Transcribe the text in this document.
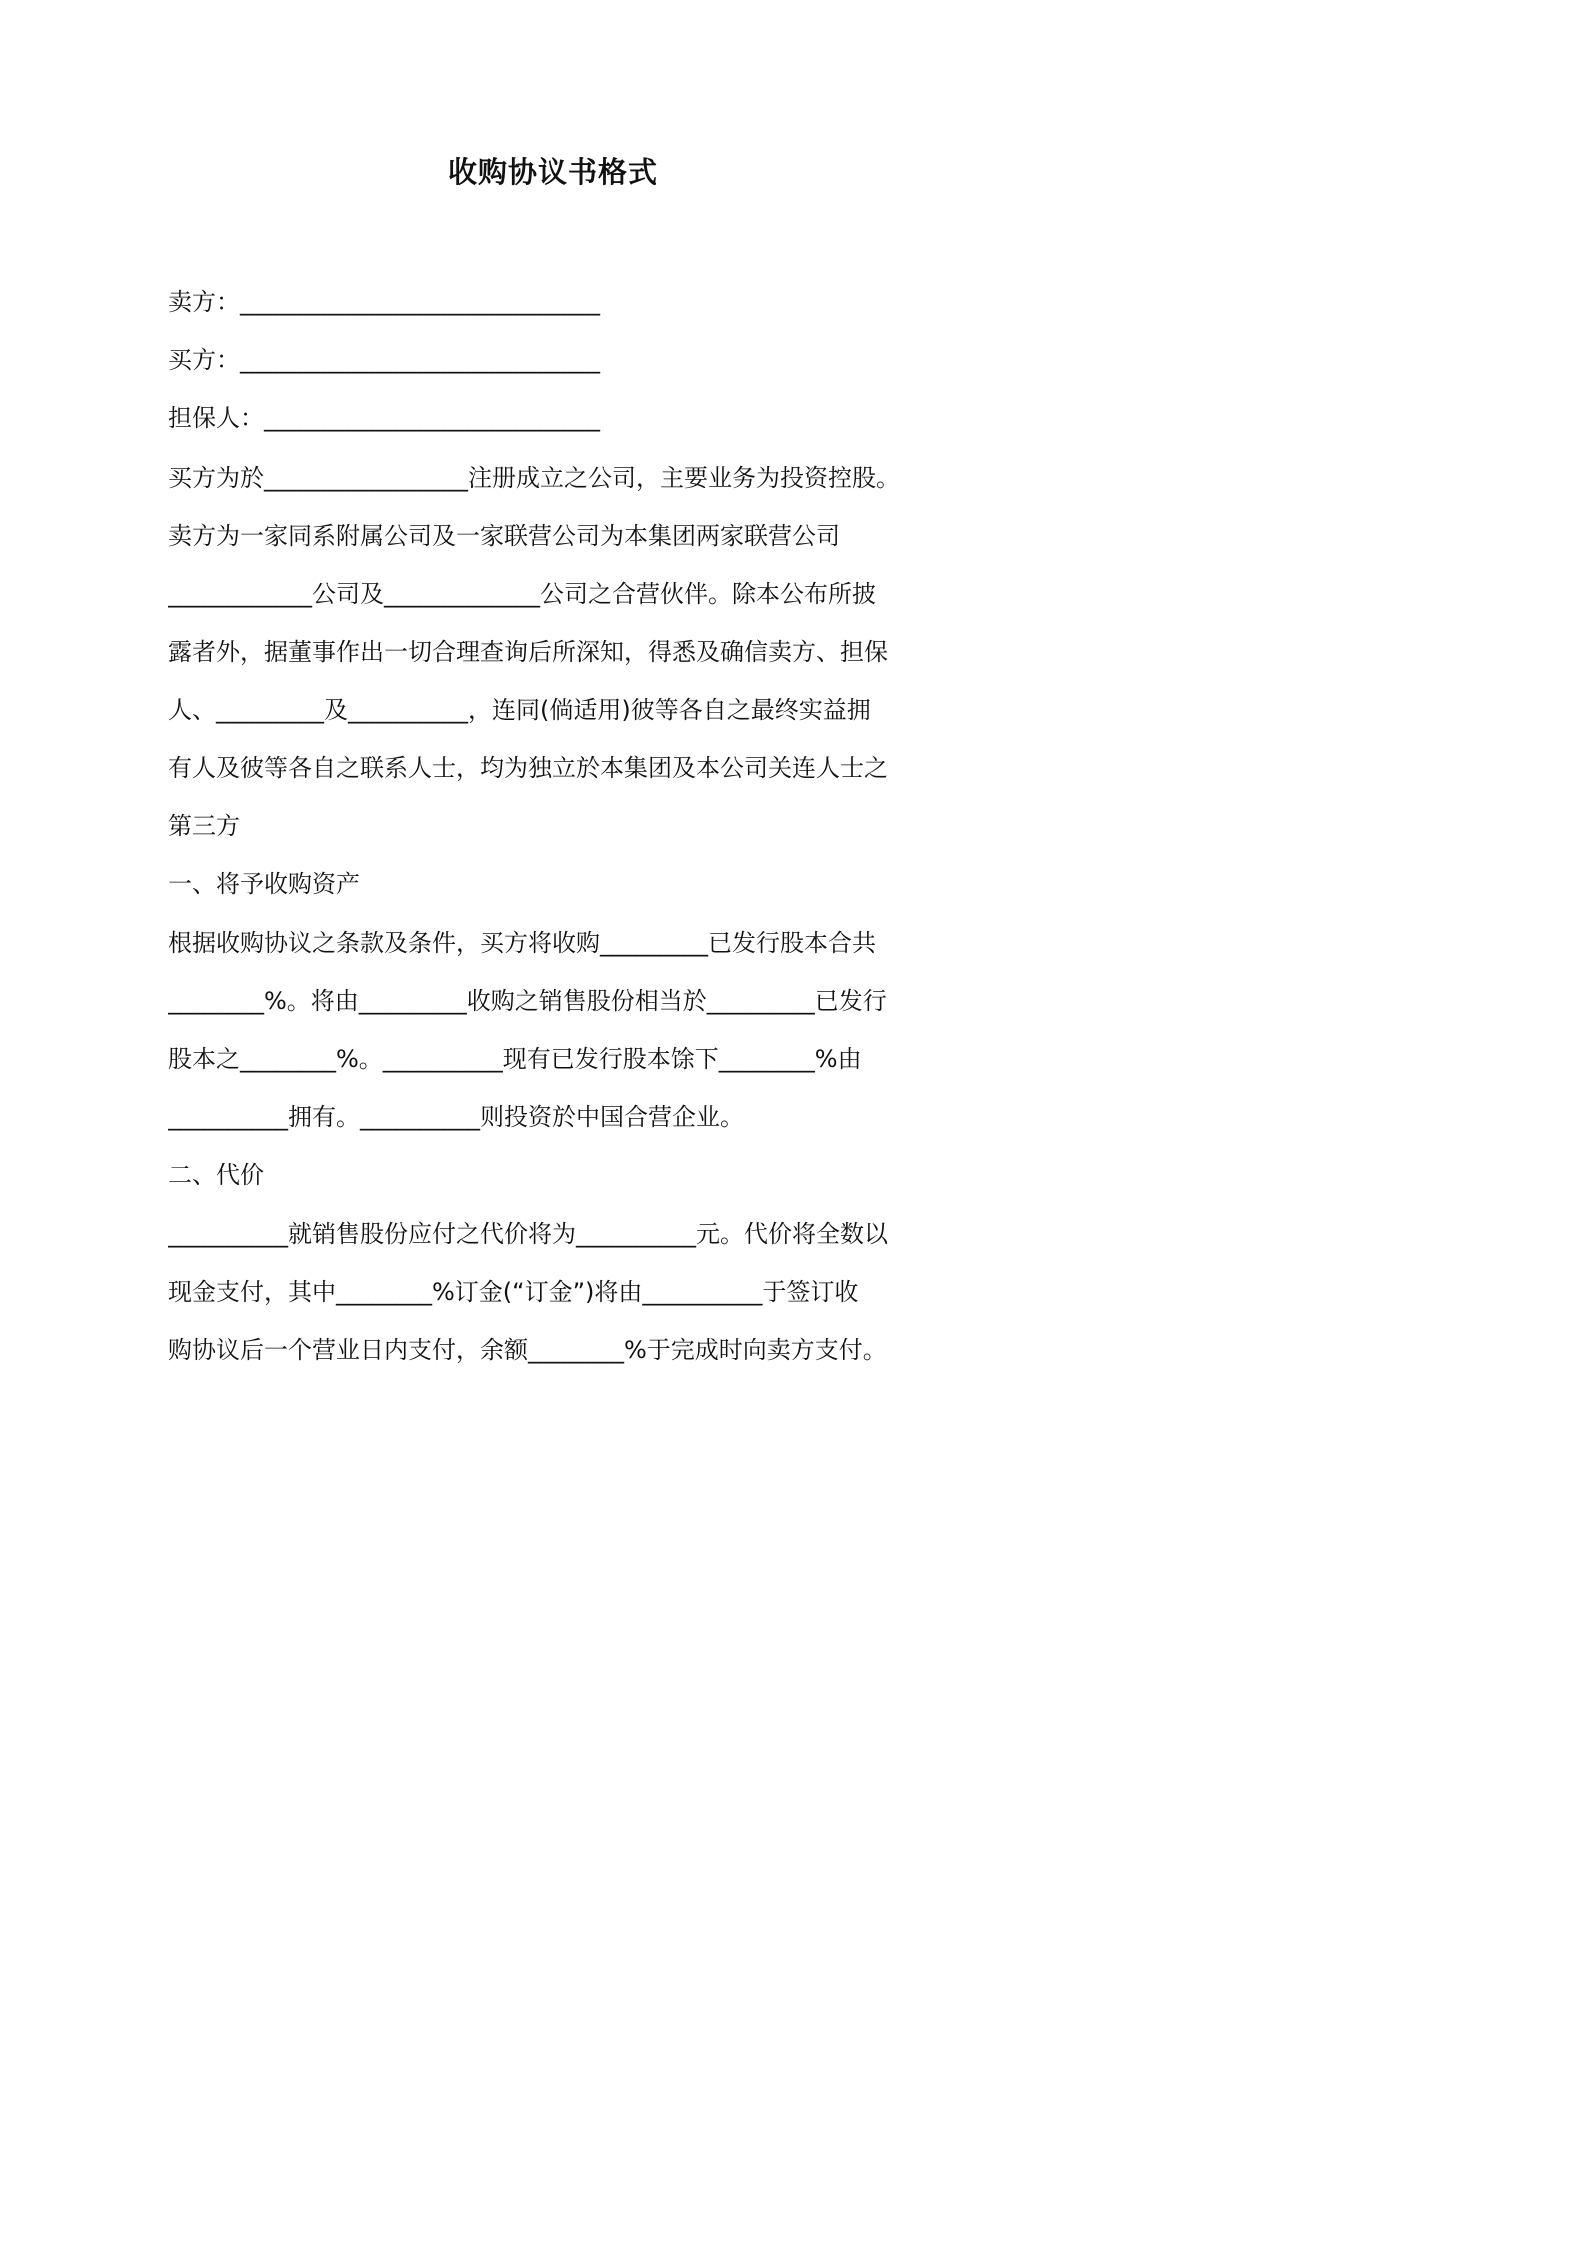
收购协议书格式
卖方：______________________________
买方：______________________________
担保人：____________________________
买方为於_________________注册成立之公司，主要业务为投资控股。
卖方为一家同系附属公司及一家联营公司为本集团两家联营公司
____________公司及_____________公司之合营伙伴。除本公布所披
露者外，据董事作出一切合理查询后所深知，得悉及确信卖方、担保
人、_________及__________，连同(倘适用)彼等各自之最终实益拥
有人及彼等各自之联系人士，均为独立於本集团及本公司关连人士之
第三方
一、将予收购资产
根据收购协议之条款及条件，买方将收购_________已发行股本合共
________%。将由_________收购之销售股份相当於_________已发行
股本之________%。__________现有已发行股本馀下________%由
__________拥有。__________则投资於中国合营企业。
二、代价
__________就销售股份应付之代价将为__________元。代价将全数以
现金支付，其中________%订金(“订金”)将由__________于签订收
购协议后一个营业日内支付，余额________%于完成时向卖方支付。
